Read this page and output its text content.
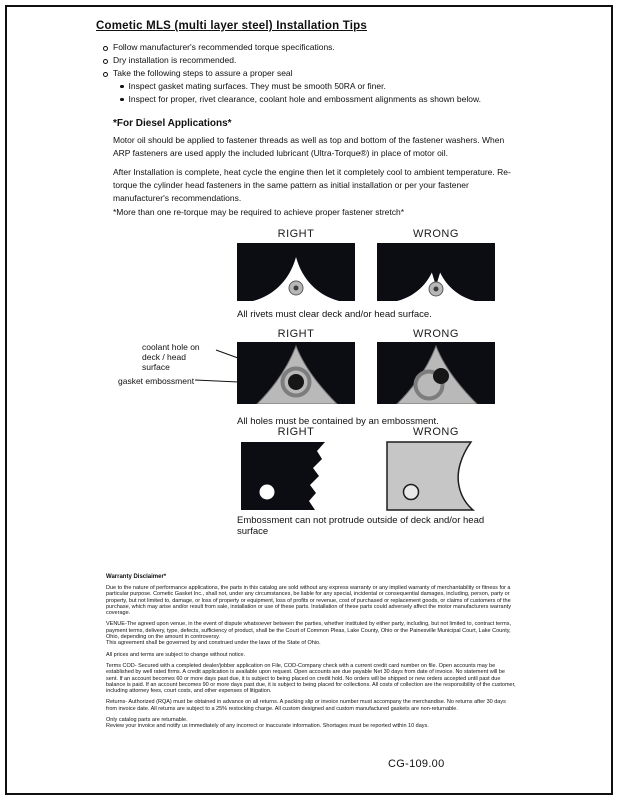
Cometic MLS (multi layer steel) Installation Tips
Follow manufacturer's recommended torque specifications.
Dry installation is recommended.
Take the following steps to assure a proper seal
Inspect gasket mating surfaces. They must be smooth 50RA or finer.
Inspect for proper, rivet clearance, coolant hole and embossment alignments as shown below.
*For Diesel Applications*
Motor oil should be applied to fastener threads as well as top and bottom of the fastener washers. When ARP fasteners are used apply the included lubricant (Ultra-Torque®) in place of motor oil.
After Installation is complete, heat cycle the engine then let it completely cool to ambient temperature. Re-torque the cylinder head fasteners in the same pattern as initial installation or per your fastener manufacturer's recommendations.
*More than one re-torque may be required to achieve proper fastener stretch*
RIGHT	WRONG
All rivets must clear deck and/or head surface.
RIGHT	WRONG
coolant hole on deck / head surface
gasket embossment
All holes must be contained by an embossment.
RIGHT	WRONG
Embossment can not protrude outside of deck and/or head surface
Warranty Disclaimer*

Due to the nature of performance applications, the parts in this catalog are sold without any express warranty or any implied warranty of merchantability or fitness for a particular purpose. Cometic Gasket Inc., shall not, under any circumstances, be liable for any special, incidental or consequential damages, including, person, party or property, but not limited to, damage, or loss of property or equipment, loss of profits or revenue, cost of purchased or replacement goods, or claims of customers of the purchase, which may arise and/or result from sale, installation or use of these parts. Installation of these parts could adversely affect the motor manufacturers warranty coverage.

VENUE-The agreed upon venue, in the event of dispute whatsoever between the parties, whether instituted by either party, including, but not limited to, contract terms, payment terms, delivery, type, defects, sufficiency of product, shall be the Court of Common Pleas, Lake County, Ohio or the Painesville Municipal Court, Lake County, Ohio, depending on the amount in controversy.

This agreement shall be governed by and construed under the laws of the State of Ohio.

All prices and terms are subject to change without notice.

Terms COD- Secured with a completed dealer/jobber application on File, COD-Company check with a current credit card number on file. Open accounts may be established by well rated firms. A credit application is available upon request. Open accounts are due payable Net 30 days from date of invoice. No statement will be sent. If an account becomes 60 or more days past due, it is subject to being placed on credit hold. No orders will be shipped or new orders accepted until past due balance is paid. If an account becomes 90 or more days past due, it is subject to being placed for collections. All costs of collection are the responsibility of the customer, including attorney fees, court costs, and other expenses of litigation.

Returns- Authorized (RQA) must be obtained in advance on all returns. A packing slip or invoice number must accompany the merchandise. No returns after 30 days from invoice date. All returns are subject to a 25% restocking charge. All custom designed and custom manufactured gaskets are non-returnable.

Only catalog parts are returnable.

Review your invoice and notify us immediately of any incorrect or inaccurate information. Shortages must be reported within 10 days.

CG-109.00
